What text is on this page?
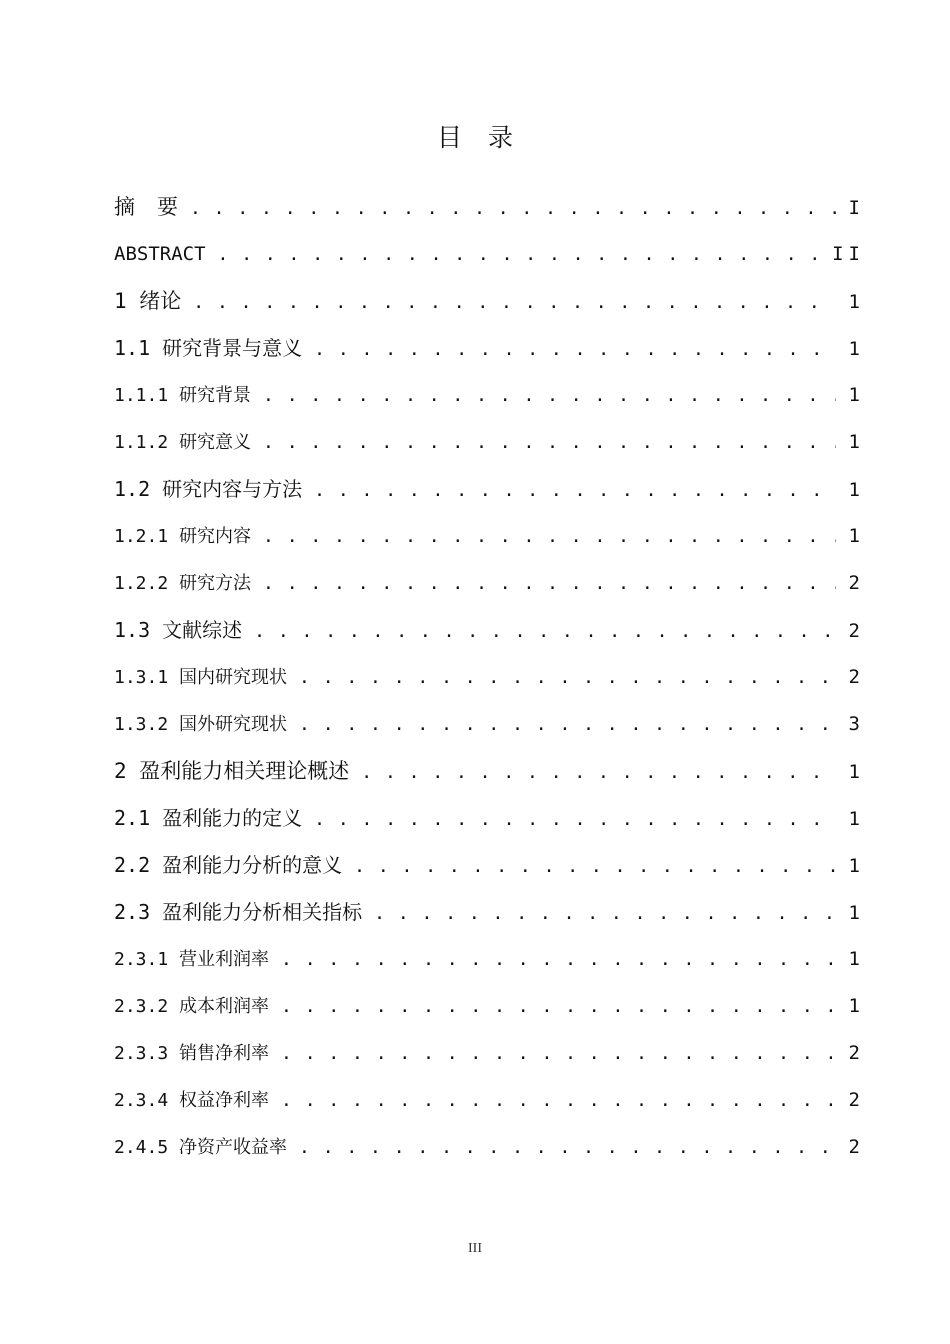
目 录
摘 要 . . .	I
ABSTRACT . . .	II
1 绪论 . . .	1
1.1 研究背景与意义 . . .	1
1.1.1 研究背景 . . .	1
1.1.2 研究意义 . . .	1
1.2 研究内容与方法 . . .	1
1.2.1 研究内容 . . .	1
1.2.2 研究方法 . . .	2
1.3 文献综述 . . .	2
1.3.1 国内研究现状 . . .	2
1.3.2 国外研究现状 . . .	3
2 盈利能力相关理论概述 . . .	1
2.1 盈利能力的定义 . . .	1
2.2 盈利能力分析的意义 . . .	1
2.3 盈利能力分析相关指标 . . .	1
2.3.1 营业利润率 . . .	1
2.3.2 成本利润率 . . .	1
2.3.3 销售净利率 . . .	2
2.3.4 权益净利率 . . .	2
2.4.5 净资产收益率 . . .	2
III
